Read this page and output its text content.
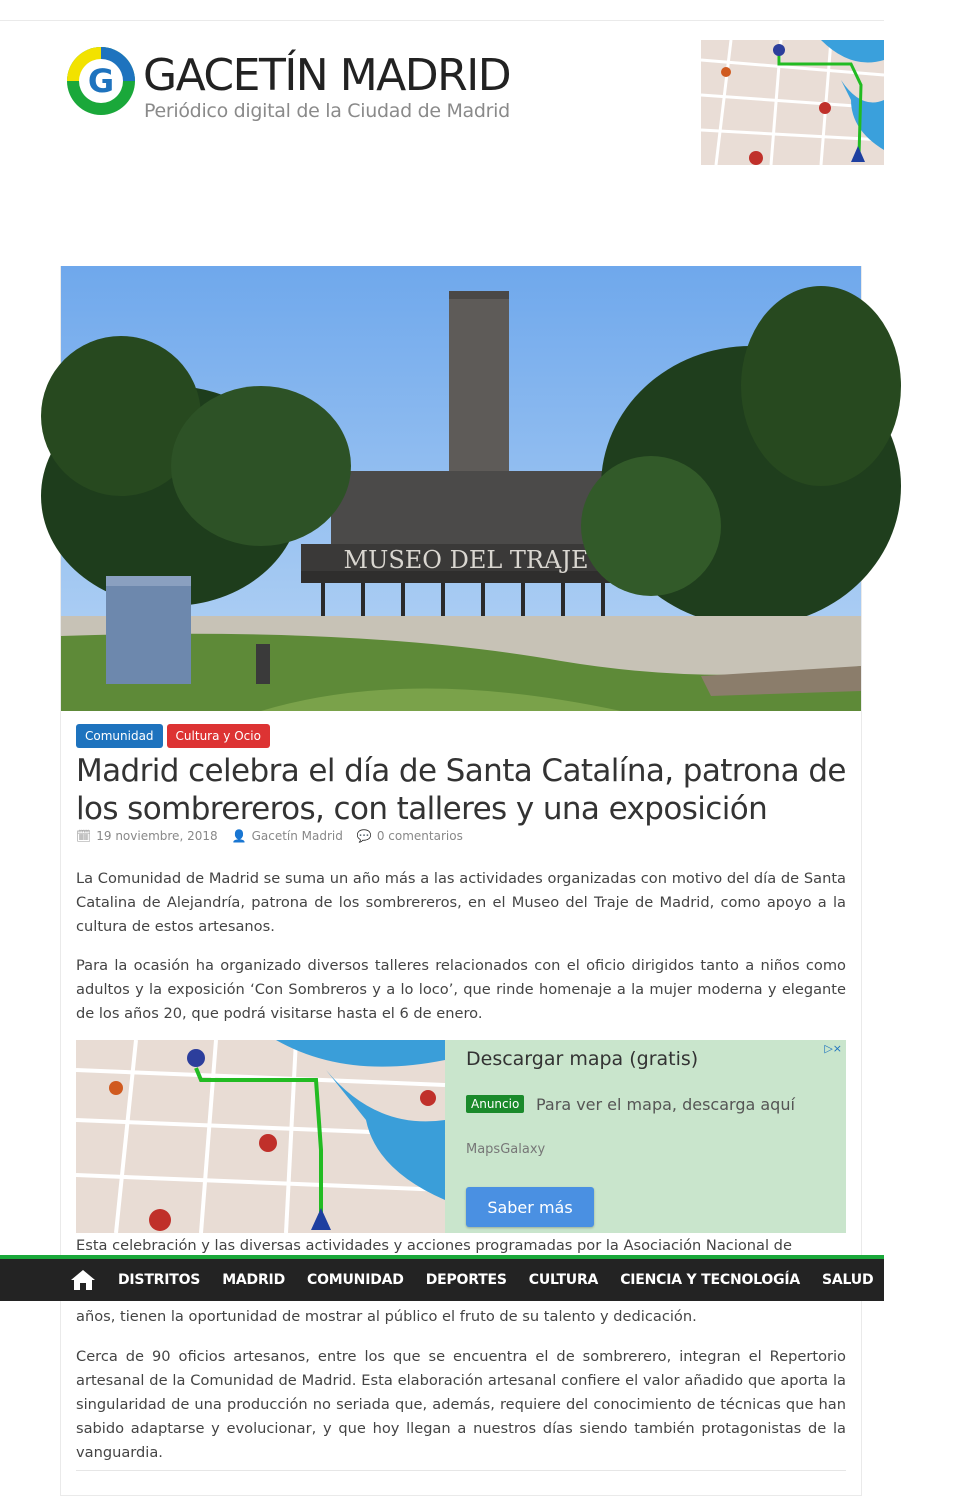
G GACETÍN MADRID
Periódico digital de la Ciudad de Madrid
MUSEO DEL TRAJE
Comunidad	Cultura y Ocio
Madrid celebra el día de Santa Catalína, patrona de los sombrereros, con talleres y una exposición
🗓 19 noviembre, 2018 👤 Gacetín Madrid 💬 0 comentarios

La Comunidad de Madrid se suma un año más a las actividades organizadas con motivo del día de Santa Catalina de Alejandría, patrona de los sombrereros, en el Museo del Traje de Madrid, como apoyo a la cultura de estos artesanos.

Para la ocasión ha organizado diversos talleres relacionados con el oficio dirigidos tanto a niños como adultos y la exposición ‘Con Sombreros y a lo loco’, que rinde homenaje a la mujer moderna y elegante de los años 20, que podrá visitarse hasta el 6 de enero.

Descargar mapa (gratis)
Anuncio	Para ver el mapa, descarga aquí
MapsGalaxy
Saber más
▷×

Esta celebración y las diversas actividades y acciones programadas por la Asociación Nacional de

DISTRITOS MADRID COMUNIDAD DEPORTES CULTURA CIENCIA Y TECNOLOGÍA SALUD ENTREV

años, tienen la oportunidad de mostrar al público el fruto de su talento y dedicación.

Cerca de 90 oficios artesanos, entre los que se encuentra el de sombrerero, integran el Repertorio artesanal de la Comunidad de Madrid. Esta elaboración artesanal confiere el valor añadido que aporta la singularidad de una producción no seriada que, además, requiere del conocimiento de técnicas que han sabido adaptarse y evolucionar, y que hoy llegan a nuestros días siendo también protagonistas de la vanguardia.
